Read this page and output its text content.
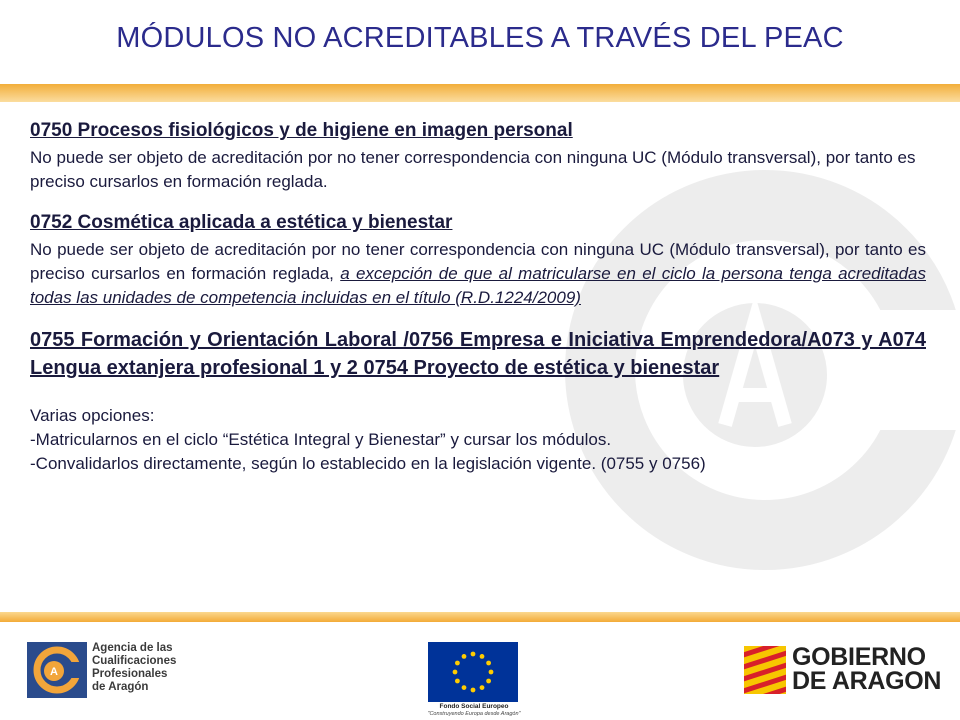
MÓDULOS NO ACREDITABLES A TRAVÉS DEL PEAC

0750 Procesos fisiológicos y de higiene en imagen personal

No puede ser objeto de acreditación por no tener correspondencia con ninguna UC (Módulo transversal), por tanto es preciso cursarlos en formación reglada.

0752 Cosmética aplicada a estética y bienestar

No puede ser objeto de acreditación por no tener correspondencia con ninguna UC (Módulo transversal), por tanto es preciso cursarlos en formación reglada, a excepción de que al matricularse en el ciclo la persona tenga acreditadas todas las unidades de competencia incluidas en el título (R.D.1224/2009)

0755 Formación y Orientación Laboral /0756 Empresa e Iniciativa Emprendedora/A073 y A074 Lengua extanjera profesional 1 y 2 0754 Proyecto de estética y bienestar

Varias opciones:
-Matricularnos en el ciclo “Estética Integral y Bienestar” y cursar los módulos.
-Convalidarlos directamente, según lo establecido en la legislación vigente. (0755 y 0756)
A
Agencia de las
Cualificaciones
Profesionales
de Aragón
Fondo Social Europeo
"Construyendo Europa desde Aragón"
GOBIERNO
DE ARAGON
